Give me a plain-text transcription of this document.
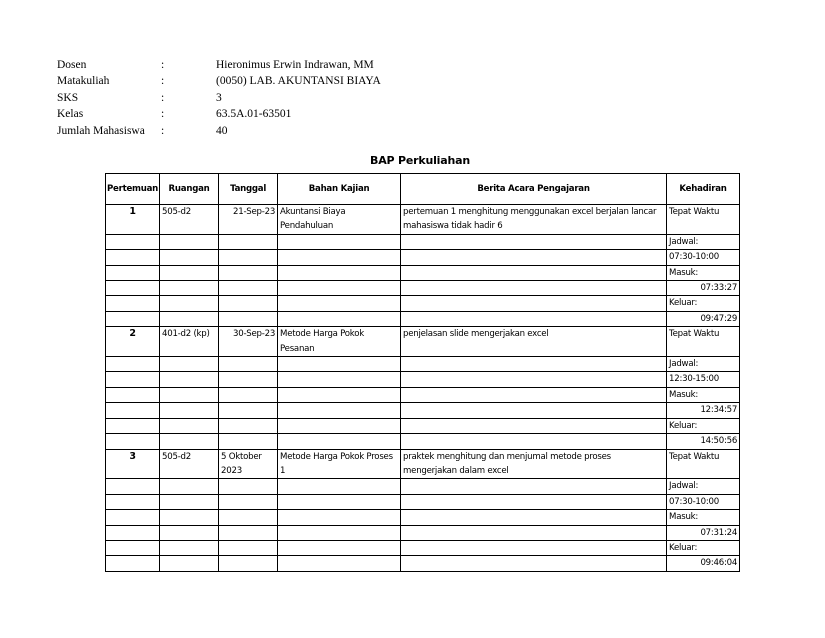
Dosen	:	Hieronimus Erwin Indrawan, MM
Matakuliah	:	(0050) LAB. AKUNTANSI BIAYA
SKS	:	3
Kelas	:	63.5A.01-63501
Jumlah Mahasiswa :	40
BAP Perkuliahan
Pertemuan	Ruangan	Tanggal	Bahan Kajian	Berita Acara Pengajaran	Kehadiran
1	505-d2	21-Sep-23	Akuntansi Biaya Pendahuluan	pertemuan 1 menghitung menggunakan excel berjalan lancar mahasiswa tidak hadir 6	Tepat Waktu
					Jadwal:
					07:30-10:00
					Masuk:
					07:33:27
					Keluar:
					09:47:29
2	401-d2 (kp)	30-Sep-23	Metode Harga Pokok Pesanan	penjelasan slide mengerjakan excel	Tepat Waktu
					Jadwal:
					12:30-15:00
					Masuk:
					12:34:57
					Keluar:
					14:50:56
3	505-d2	5 Oktober 2023	Metode Harga Pokok Proses 1	praktek menghitung dan menjumal metode proses mengerjakan dalam excel	Tepat Waktu
					Jadwal:
					07:30-10:00
					Masuk:
					07:31:24
					Keluar:
					09:46:04
